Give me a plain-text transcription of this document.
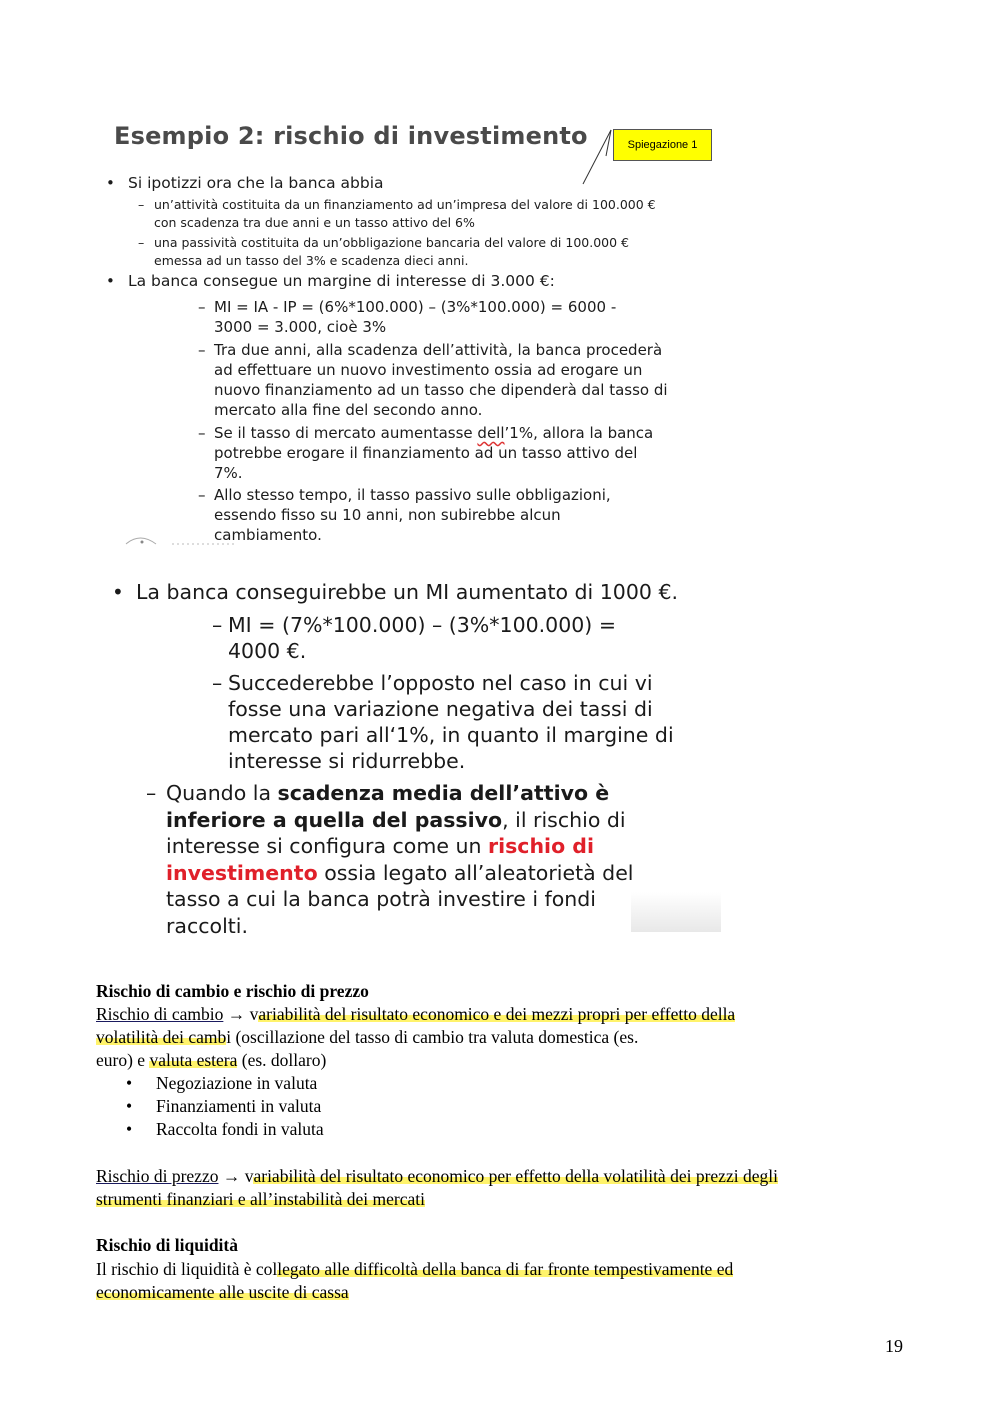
Esempio 2: rischio di investimento	Spiegazione 1
• Si ipotizzi ora che la banca abbia
– un’attività costituita da un finanziamento ad un’impresa del valore di 100.000 €
con scadenza tra due anni e un tasso attivo del 6%
– una passività costituita da un’obbligazione bancaria del valore di 100.000 €
emessa ad un tasso del 3% e scadenza dieci anni.
• La banca consegue un margine di interesse di 3.000 €:
– MI = IA - IP = (6%*100.000) – (3%*100.000) = 6000 -
3000 = 3.000, cioè 3%
– Tra due anni, alla scadenza dell’attività, la banca procederà
ad effettuare un nuovo investimento ossia ad erogare un
nuovo finanziamento ad un tasso che dipenderà dal tasso di
mercato alla fine del secondo anno.
– Se il tasso di mercato aumentasse dell’1%, allora la banca
potrebbe erogare il finanziamento ad un tasso attivo del
7%.
– Allo stesso tempo, il tasso passivo sulle obbligazioni,
essendo fisso su 10 anni, non subirebbe alcun
cambiamento.
• La banca conseguirebbe un MI aumentato di 1000 €.
– MI = (7%*100.000) – (3%*100.000) =
4000 €.
– Succederebbe l’opposto nel caso in cui vi
fosse una variazione negativa dei tassi di
mercato pari all‘1%, in quanto il margine di
interesse si ridurrebbe.
– Quando la scadenza media dell’attivo è
inferiore a quella del passivo, il rischio di
interesse si configura come un rischio di
investimento ossia legato all’aleatorietà del
tasso a cui la banca potrà investire i fondi
raccolti.
Rischio di cambio e rischio di prezzo
Rischio di cambio → variabilità del risultato economico e dei mezzi propri per effetto della
volatilità dei cambi (oscillazione del tasso di cambio tra valuta domestica (es.
euro) e valuta estera (es. dollaro)
• Negoziazione in valuta
• Finanziamenti in valuta
• Raccolta fondi in valuta
Rischio di prezzo → variabilità del risultato economico per effetto della volatilità dei prezzi degli
strumenti finanziari e all’instabilità dei mercati
Rischio di liquidità
Il rischio di liquidità è collegato alle difficoltà della banca di far fronte tempestivamente ed
economicamente alle uscite di cassa
19
